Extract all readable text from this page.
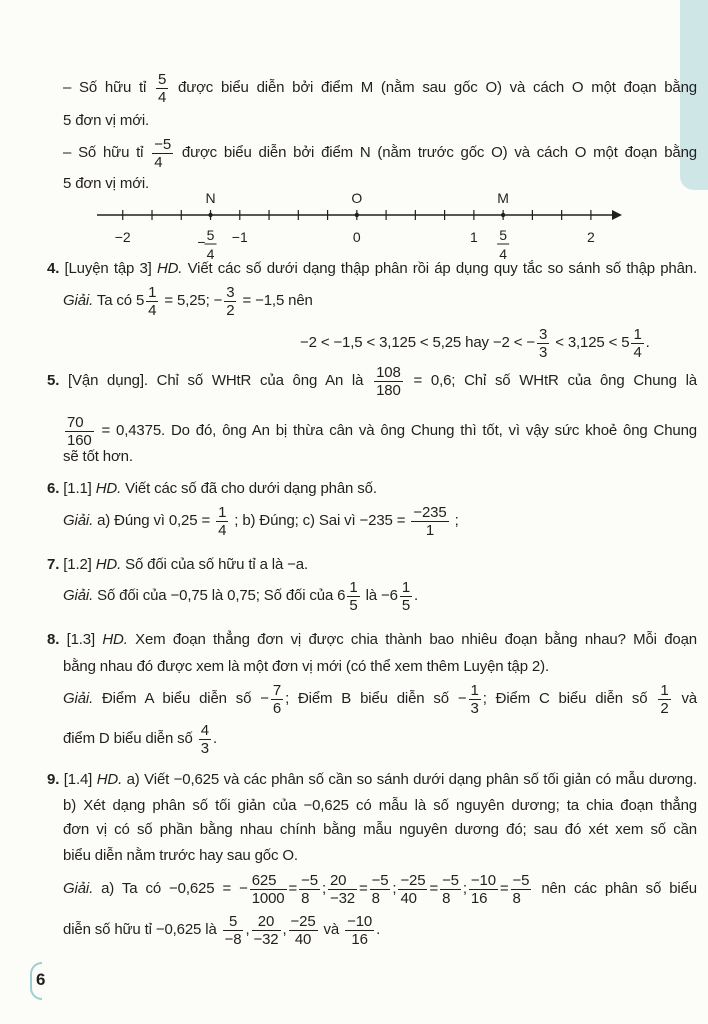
– Số hữu tỉ $\frac{5}{4}$ được biểu diễn bởi điểm M (nằm sau gốc O) và cách O một đoạn bằng
5 đơn vị mới.
– Số hữu tỉ $\frac{-5}{4}$ được biểu diễn bởi điểm N (nằm trước gốc O) và cách O một đoạn bằng
5 đơn vị mới.
4. [Luyện tập 3] HD. Viết các số dưới dạng thập phân rồi áp dụng quy tắc so sánh số thập phân.
Giải. Ta có $5 \frac{1}{4} = 5,25$; − $\frac{3}{2} = -1,5$ nên
−2 < −1,5 < 3,125 < 5,25 hay −2 < − $\frac{3}{3} < 3,125 < 5 \frac{1}{4}$ .
5. [Vận dụng]. Chỉ số WHtR của ông An là $\frac{108}{180} = 0,6$; Chỉ số WHtR của ông Chung là
$\frac{70}{160} = 0,4375$. Do đó, ông An bị thừa cân và ông Chung thì tốt, vì vậy sức khoẻ ông Chung
sẽ tốt hơn.
6. [1.1] HD. Viết các số đã cho dưới dạng phân số.
Giải. a) Đúng vì $0,25 = \frac{1}{4}$ ; b) Đúng; c) Sai vì $-235 = \frac{-235}{1}$ ;
7. [1.2] HD. Số đối của số hữu tỉ a là −a.
Giải. Số đối của −0,75 là 0,75; Số đối của $6 \frac{1}{5}$ là $-6 \frac{1}{5}$ .
8. [1.3] HD. Xem đoạn thẳng đơn vị được chia thành bao nhiêu đoạn bằng nhau? Mỗi đoạn
bằng nhau đó được xem là một đơn vị mới (có thể xem thêm Luyện tập 2).
Giải. Điểm A biểu diễn số − $\frac{7}{6}$ ; Điểm B biểu diễn số − $\frac{1}{3}$ ; Điểm C biểu diễn số $\frac{1}{2}$ và
điểm D biểu diễn số $\frac{4}{3}$ .
9. [1.4] HD. a) Viết −0,625 và các phân số cần so sánh dưới dạng phân số tối giản có mẫu dương.
b) Xét dạng phân số tối giản của −0,625 có mẫu là số nguyên dương; ta chia đoạn thẳng
đơn vị có số phần bằng nhau chính bằng mẫu nguyên dương đó; sau đó xét xem số cần
biểu diễn nằm trước hay sau gốc O.
Giải. a) Ta có −0,625 = − $\frac{625}{1000} = \frac{-5}{8}$ ; $\frac{20}{-32} = \frac{-5}{8}$ ; $\frac{-25}{40} = \frac{-5}{8}$ ; $\frac{-10}{16} = \frac{-5}{8}$ nên các phân số biểu
diễn số hữu tỉ −0,625 là $\frac{5}{-8}$ , $\frac{20}{-32}$ , $\frac{-25}{40}$ và $\frac{-10}{16}$ .
N	O	M
−2	−1	0	1	2
− 5
4
5
4
6
